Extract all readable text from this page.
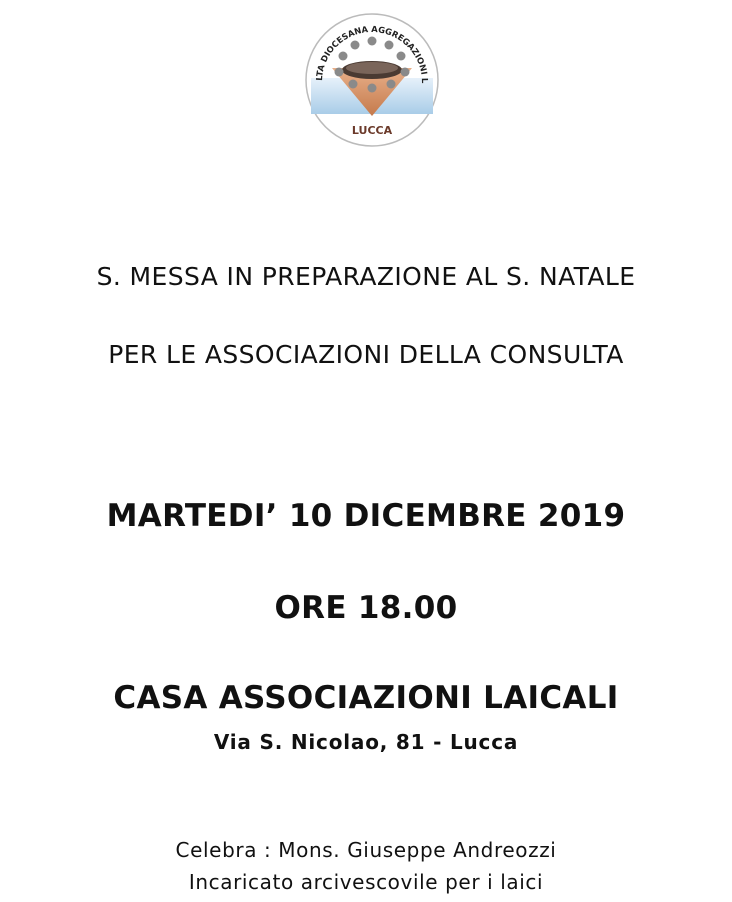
LTA DIOCESANA AGGREGAZIONI L
LUCCA
S. MESSA IN PREPARAZIONE AL S. NATALE
PER LE ASSOCIAZIONI DELLA CONSULTA
MARTEDI’ 10 DICEMBRE 2019
ORE 18.00
CASA ASSOCIAZIONI LAICALI
Via S. Nicolao, 81 - Lucca
Celebra : Mons. Giuseppe Andreozzi
Incaricato arcivescovile per i laici
